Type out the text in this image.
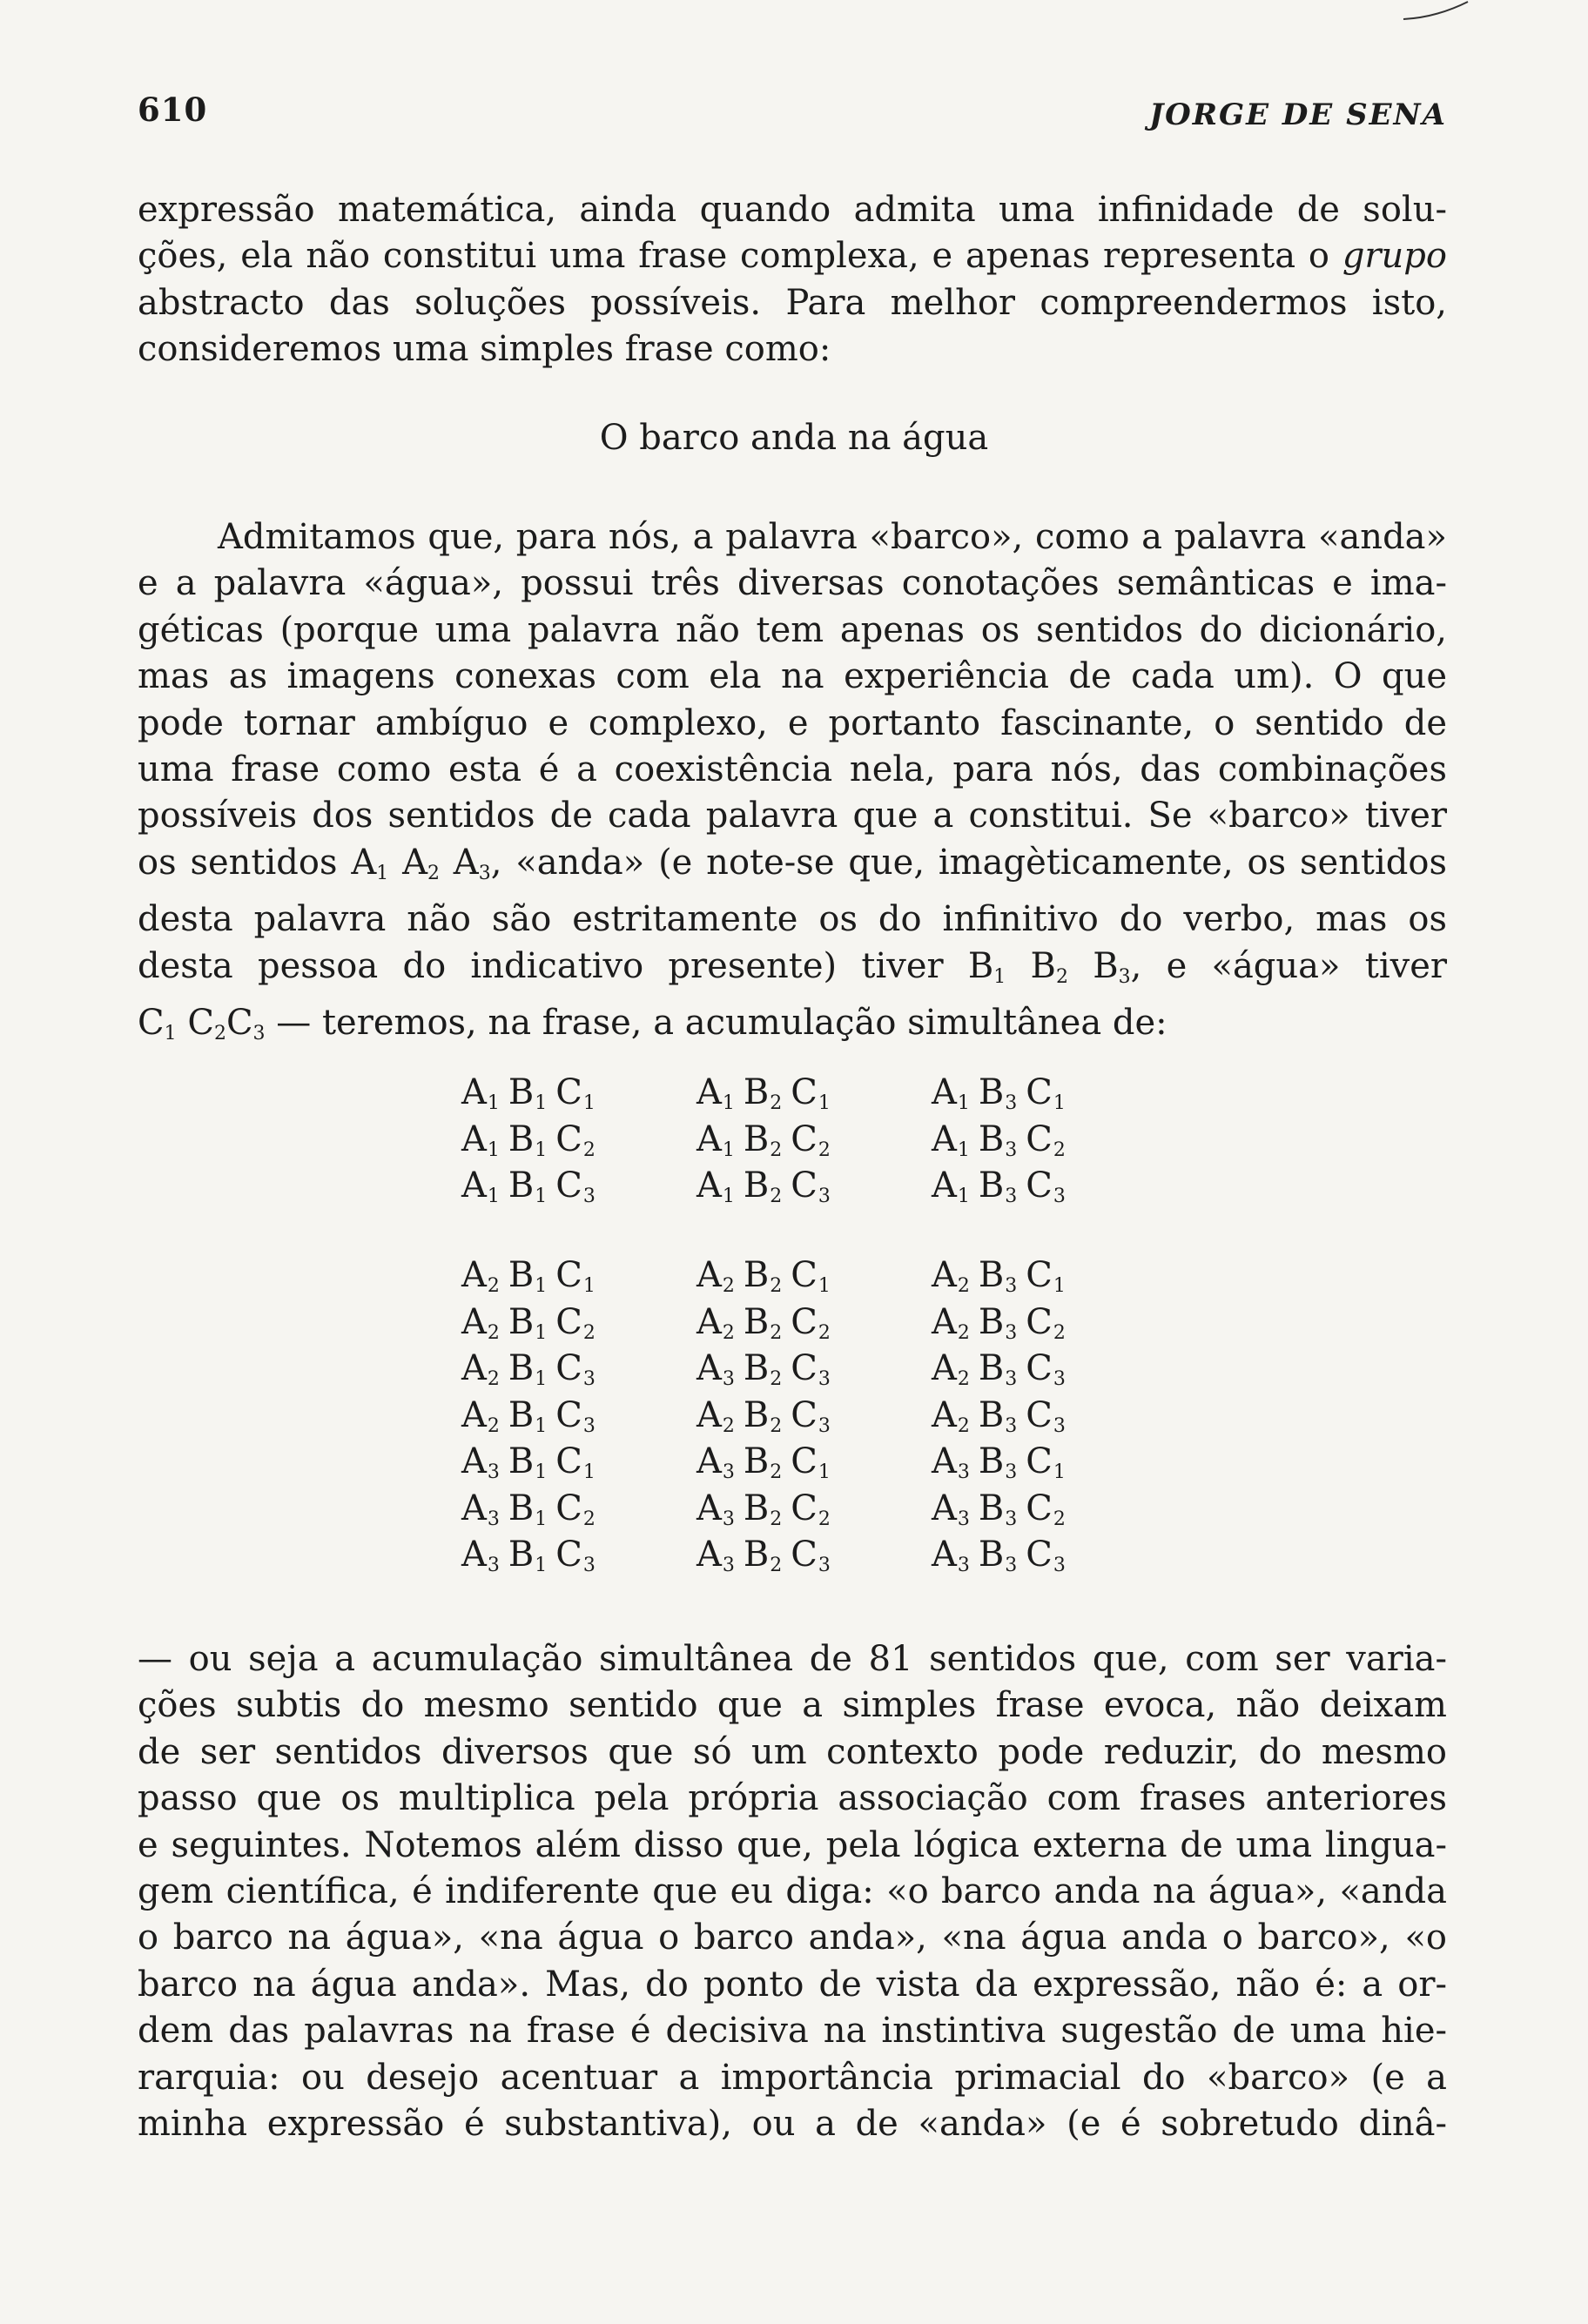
610	JORGE DE SENA

expressão matemática, ainda quando admita uma infinidade de solu-
ções, ela não constitui uma frase complexa, e apenas representa o grupo
abstracto das soluções possíveis. Para melhor compreendermos isto,
consideremos uma simples frase como:

O barco anda na água

Admitamos que, para nós, a palavra «barco», como a palavra «anda»
e a palavra «água», possui três diversas conotações semânticas e ima-
géticas (porque uma palavra não tem apenas os sentidos do dicionário,
mas as imagens conexas com ela na experiência de cada um). O que
pode tornar ambíguo e complexo, e portanto fascinante, o sentido de
uma frase como esta é a coexistência nela, para nós, das combinações
possíveis dos sentidos de cada palavra que a constitui. Se «barco» tiver
os sentidos $A_1$ $A_2$ $A_3$, «anda» (e note-se que, imagèticamente, os sentidos
desta palavra não são estritamente os do infinitivo do verbo, mas os
desta pessoa do indicativo presente) tiver $B_1$ $B_2$ $B_3$, e «água» tiver
$C_1$ $C_2C_3$ — teremos, na frase, a acumulação simultânea de:

$A_1$ $B_1$ $C_1$	$A_1$ $B_2$ $C_1$	$A_1$ $B_3$ $C_1$
$A_1$ $B_1$ $C_2$	$A_1$ $B_2$ $C_2$	$A_1$ $B_3$ $C_2$
$A_1$ $B_1$ $C_3$	$A_1$ $B_2$ $C_3$	$A_1$ $B_3$ $C_3$
$A_2$ $B_1$ $C_1$	$A_2$ $B_2$ $C_1$	$A_2$ $B_3$ $C_1$
$A_2$ $B_1$ $C_2$	$A_2$ $B_2$ $C_2$	$A_2$ $B_3$ $C_2$
$A_2$ $B_1$ $C_3$	$A_3$ $B_2$ $C_3$	$A_2$ $B_3$ $C_3$
$A_2$ $B_1$ $C_3$	$A_2$ $B_2$ $C_3$	$A_2$ $B_3$ $C_3$
$A_3$ $B_1$ $C_1$	$A_3$ $B_2$ $C_1$	$A_3$ $B_3$ $C_1$
$A_3$ $B_1$ $C_2$	$A_3$ $B_2$ $C_2$	$A_3$ $B_3$ $C_2$
$A_3$ $B_1$ $C_3$	$A_3$ $B_2$ $C_3$	$A_3$ $B_3$ $C_3$

— ou seja a acumulação simultânea de 81 sentidos que, com ser varia-
ções subtis do mesmo sentido que a simples frase evoca, não deixam
de ser sentidos diversos que só um contexto pode reduzir, do mesmo
passo que os multiplica pela própria associação com frases anteriores
e seguintes. Notemos além disso que, pela lógica externa de uma lingua-
gem científica, é indiferente que eu diga: «o barco anda na água», «anda
o barco na água», «na água o barco anda», «na água anda o barco», «o
barco na água anda». Mas, do ponto de vista da expressão, não é: a or-
dem das palavras na frase é decisiva na instintiva sugestão de uma hie-
rarquia: ou desejo acentuar a importância primacial do «barco» (e a
minha expressão é substantiva), ou a de «anda» (e é sobretudo dinâ-
